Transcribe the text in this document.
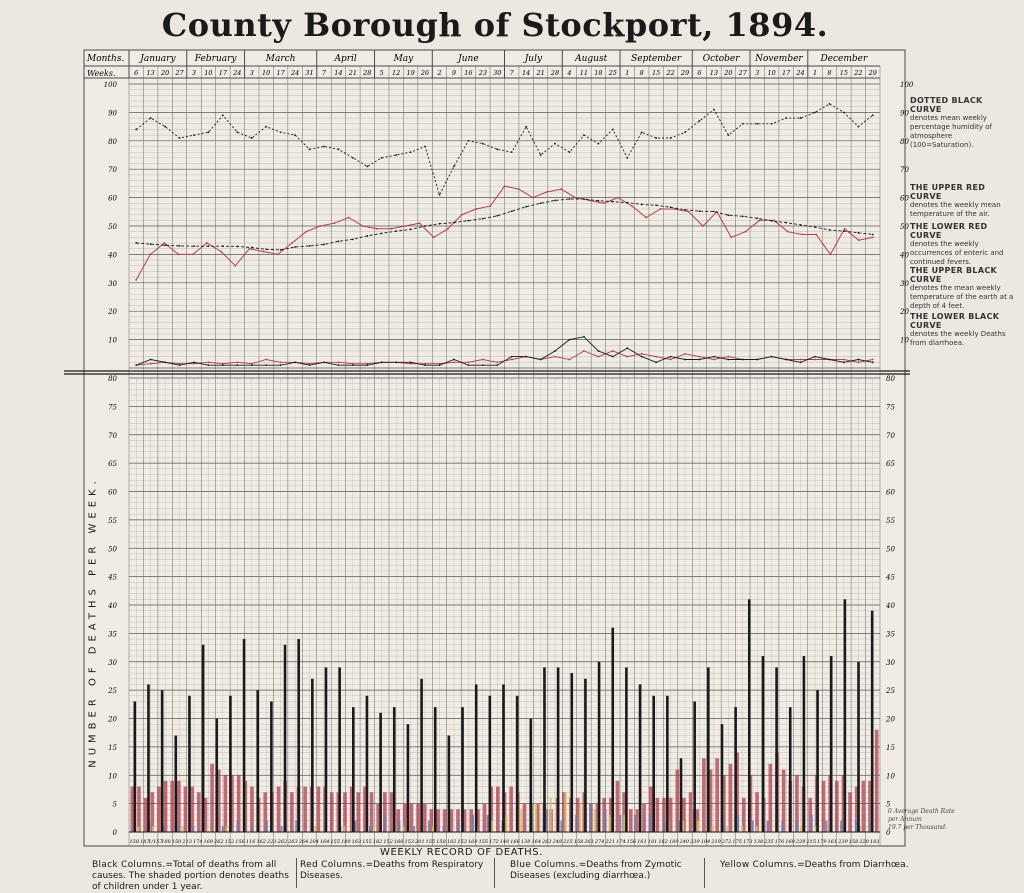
County Borough of Stockport, 1894.
Months.
Weeks.
January February	March	April	May	June	July	August	September October November December
6 13 20 27 3 10 17 24 3 10 17 24 31 7 14 21 28 5 12 19 26 2 9 16 23 30 7 14 21 28 4 11 18 25 1 8 15 22 29 6 13 20 27 3 10 17 24 1 8 15 22 29
100	100
90	90
80	80
70	70
60	60
50	50
40	40
30	30
20	20
10	10
80	80
75	75
70	70
65	65
60	60
55	55
50	50
45	45
40	40
35	35
30	30
25	25
20	20
15	15
10	10
5	5
0	0
158 187
1/157
188 150 213 174 169 262 152 156 116 162 223 262 263 264 204 164 155 189 163 155 182 152 160 153 201 155 158 182 153 160 155 172 140 166 138 164 263 248 215 158 261 274 221 174 156 161 181 162 189 240 239 194 219 272 175 173 138 235 176 169 229 215 179 161 239 158 220 183
NUMBER OF DEATHS PER WEEK.
DOTTED BLACK CURVE
denotes mean weekly percentage humidity of atmosphere (100=Saturation).
THE UPPER RED CURVE
denotes the weekly mean temperature of the air.
THE LOWER RED CURVE
denotes the weekly occurrences of enteric and continued fevers.
THE UPPER BLACK CURVE
denotes the mean weekly temperature of the earth at a depth of 4 feet.
THE LOWER BLACK CURVE
denotes the weekly Deaths from diarrhoea.
0 Average Death Rate
per Annum
19.7 per Thousand.
WEEKLY RECORD OF DEATHS.
Black Columns.=Total of deaths from all causes. The shaded portion denotes deaths of children under 1 year.
Red Columns.=Deaths from Respiratory Diseases.
Blue Columns.=Deaths from Zymotic Diseases (excluding diarrhœa.)
Yellow Columns.=Deaths from Diarrhœa.
